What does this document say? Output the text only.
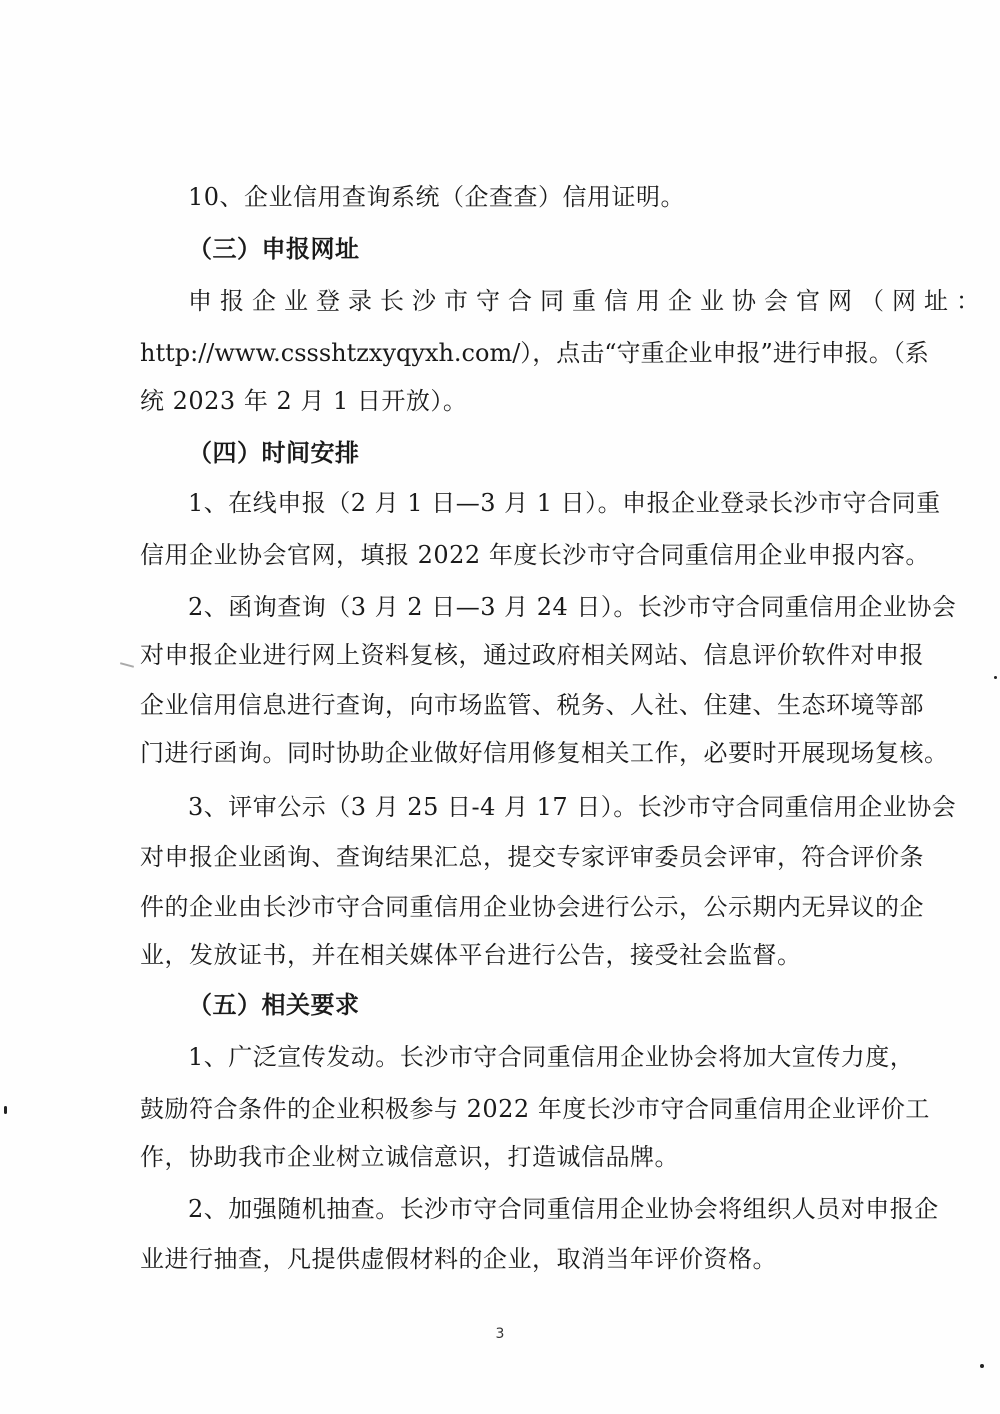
10、企业信用查询系统（企查查）信用证明。
（三）申报网址
申报企业登录长沙市守合同重信用企业协会官网（网址：
http://www.cssshtzxyqyxh.com/），点击“守重企业申报”进行申报。（系
统 2023 年 2 月 1 日开放）。
（四）时间安排
1、在线申报（2 月 1 日—3 月 1 日）。申报企业登录长沙市守合同重
信用企业协会官网，填报 2022 年度长沙市守合同重信用企业申报内容。
2、函询查询（3 月 2 日—3 月 24 日）。长沙市守合同重信用企业协会
对申报企业进行网上资料复核，通过政府相关网站、信息评价软件对申报
企业信用信息进行查询，向市场监管、税务、人社、住建、生态环境等部
门进行函询。同时协助企业做好信用修复相关工作，必要时开展现场复核。
3、评审公示（3 月 25 日-4 月 17 日）。长沙市守合同重信用企业协会
对申报企业函询、查询结果汇总，提交专家评审委员会评审，符合评价条
件的企业由长沙市守合同重信用企业协会进行公示，公示期内无异议的企
业，发放证书，并在相关媒体平台进行公告，接受社会监督。
（五）相关要求
1、广泛宣传发动。长沙市守合同重信用企业协会将加大宣传力度，
鼓励符合条件的企业积极参与 2022 年度长沙市守合同重信用企业评价工
作，协助我市企业树立诚信意识，打造诚信品牌。
2、加强随机抽查。长沙市守合同重信用企业协会将组织人员对申报企
业进行抽查，凡提供虚假材料的企业，取消当年评价资格。
3
